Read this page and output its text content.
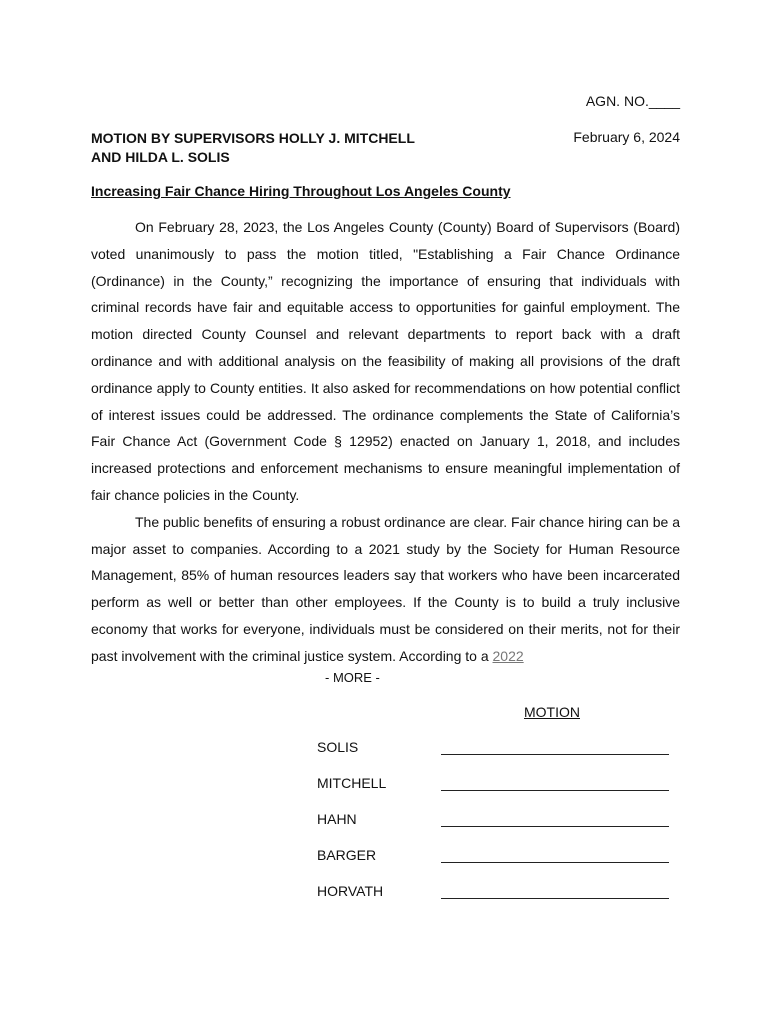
AGN. NO.____
MOTION BY SUPERVISORS HOLLY J. MITCHELL
AND HILDA L. SOLIS
February 6, 2024
Increasing Fair Chance Hiring Throughout Los Angeles County

On February 28, 2023, the Los Angeles County (County) Board of Supervisors (Board) voted unanimously to pass the motion titled, "Establishing a Fair Chance Ordinance (Ordinance) in the County,” recognizing the importance of ensuring that individuals with criminal records have fair and equitable access to opportunities for gainful employment. The motion directed County Counsel and relevant departments to report back with a draft ordinance and with additional analysis on the feasibility of making all provisions of the draft ordinance apply to County entities. It also asked for recommendations on how potential conflict of interest issues could be addressed. The ordinance complements the State of California’s Fair Chance Act (Government Code § 12952) enacted on January 1, 2018, and includes increased protections and enforcement mechanisms to ensure meaningful implementation of fair chance policies in the County.

The public benefits of ensuring a robust ordinance are clear. Fair chance hiring can be a major asset to companies. According to a 2021 study by the Society for Human Resource Management, 85% of human resources leaders say that workers who have been incarcerated perform as well or better than other employees. If the County is to build a truly inclusive economy that works for everyone, individuals must be considered on their merits, not for their past involvement with the criminal justice system. According to a 2022

- MORE -
MOTION
SOLIS
MITCHELL
HAHN
BARGER
HORVATH
